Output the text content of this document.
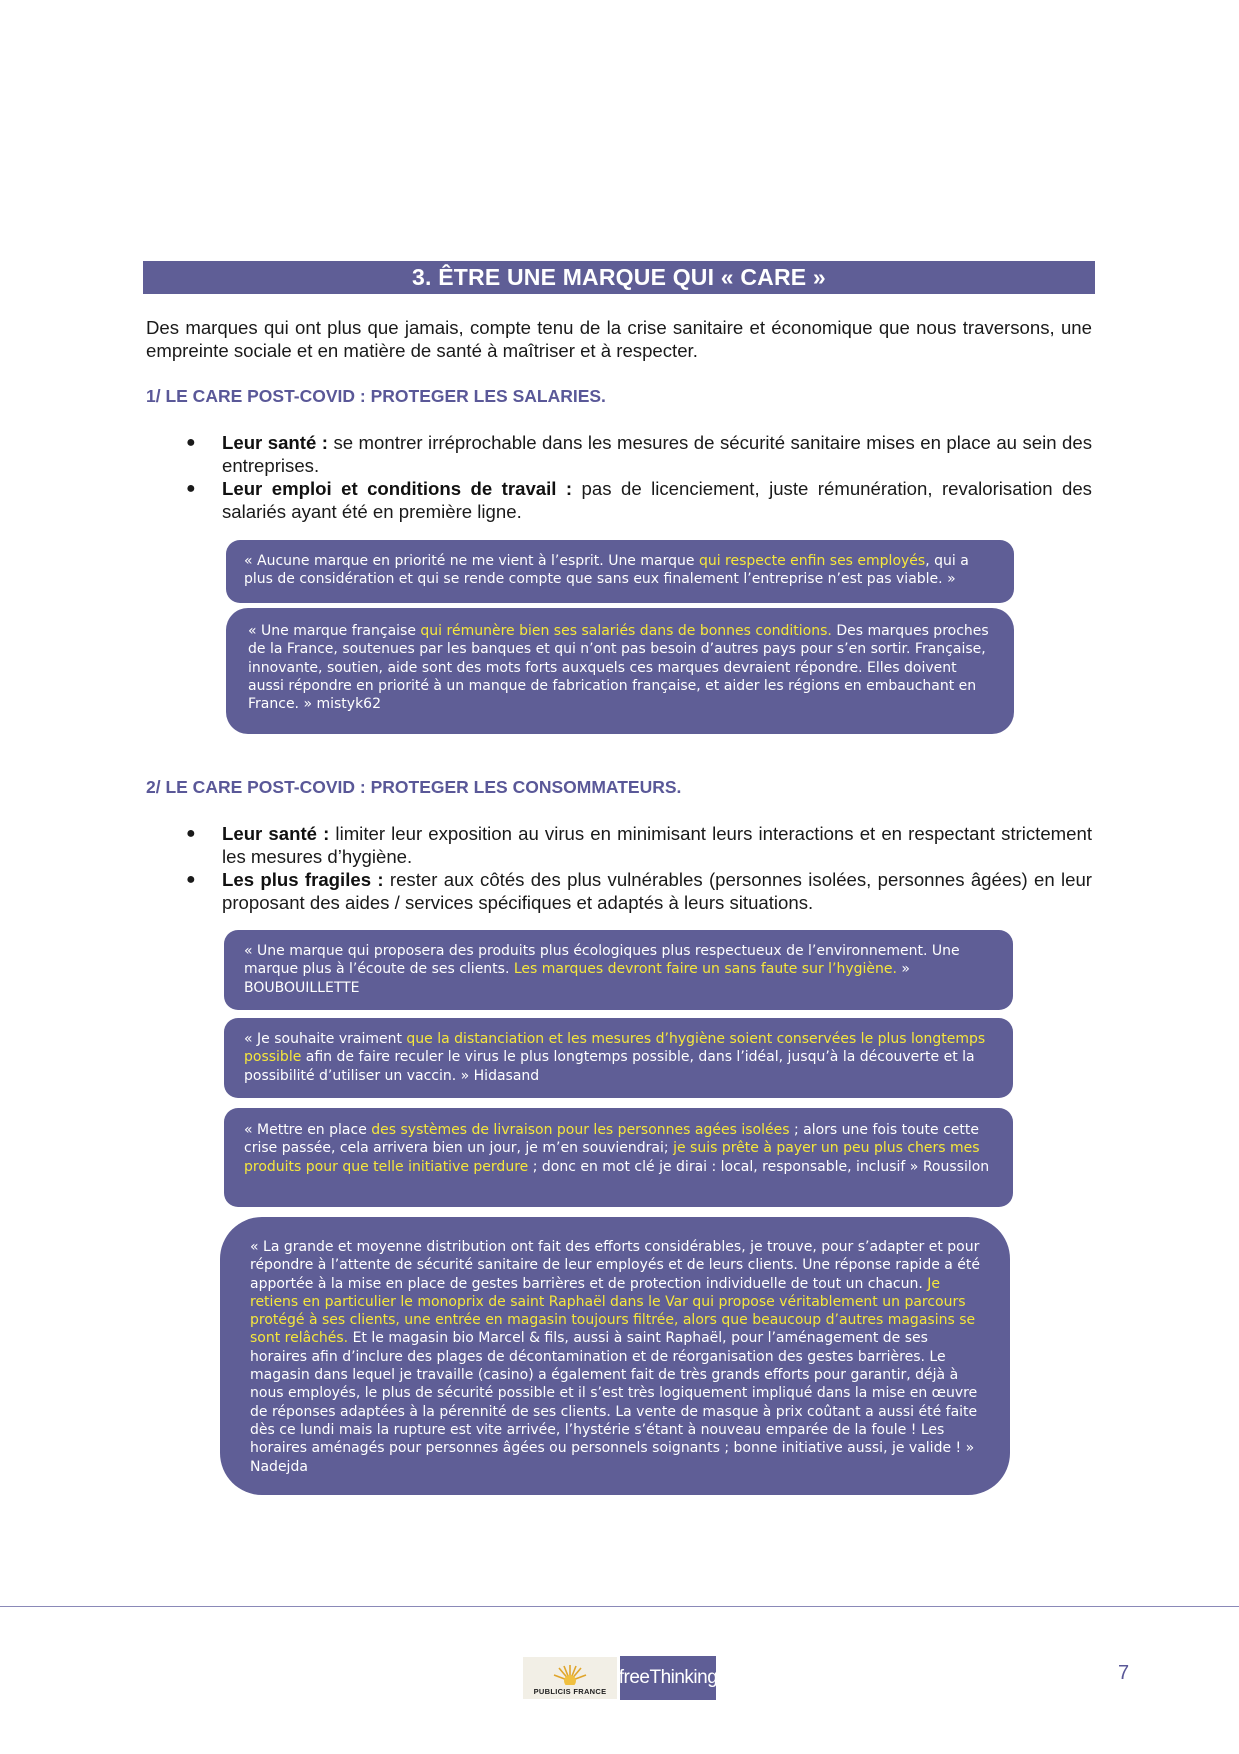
3. ÊTRE UNE MARQUE QUI « CARE »

Des marques qui ont plus que jamais, compte tenu de la crise sanitaire et économique que nous traversons, une empreinte sociale et en matière de santé à maîtriser et à respecter.

1/ LE CARE POST-COVID : PROTEGER LES SALARIES.
● Leur santé : se montrer irréprochable dans les mesures de sécurité sanitaire mises en place au sein des entreprises.
● Leur emploi et conditions de travail : pas de licenciement, juste rémunération, revalorisation des salariés ayant été en première ligne.
« Aucune marque en priorité ne me vient à l’esprit. Une marque qui respecte enfin ses employés, qui a plus de considération et qui se rende compte que sans eux finalement l’entreprise n’est pas viable. »
« Une marque française qui rémunère bien ses salariés dans de bonnes conditions. Des marques proches de la France, soutenues par les banques et qui n’ont pas besoin d’autres pays pour s’en sortir. Française, innovante, soutien, aide sont des mots forts auxquels ces marques devraient répondre. Elles doivent aussi répondre en priorité à un manque de fabrication française, et aider les régions en embauchant en France. » mistyk62
2/ LE CARE POST-COVID : PROTEGER LES CONSOMMATEURS.
● Leur santé : limiter leur exposition au virus en minimisant leurs interactions et en respectant strictement les mesures d’hygiène.
● Les plus fragiles : rester aux côtés des plus vulnérables (personnes isolées, personnes âgées) en leur proposant des aides / services spécifiques et adaptés à leurs situations.
« Une marque qui proposera des produits plus écologiques plus respectueux de l’environnement. Une marque plus à l’écoute de ses clients. Les marques devront faire un sans faute sur l’hygiène. » BOUBOUILLETTE
« Je souhaite vraiment que la distanciation et les mesures d’hygiène soient conservées le plus longtemps possible afin de faire reculer le virus le plus longtemps possible, dans l’idéal, jusqu’à la découverte et la possibilité d’utiliser un vaccin. » Hidasand
« Mettre en place des systèmes de livraison pour les personnes agées isolées ; alors une fois toute cette crise passée, cela arrivera bien un jour, je m’en souviendrai; je suis prête à payer un peu plus chers mes produits pour que telle initiative perdure ; donc en mot clé je dirai : local, responsable, inclusif » Roussilon
« La grande et moyenne distribution ont fait des efforts considérables, je trouve, pour s’adapter et pour répondre à l’attente de sécurité sanitaire de leur employés et de leurs clients. Une réponse rapide a été apportée à la mise en place de gestes barrières et de protection individuelle de tout un chacun. Je retiens en particulier le monoprix de saint Raphaël dans le Var qui propose véritablement un parcours protégé à ses clients, une entrée en magasin toujours filtrée, alors que beaucoup d’autres magasins se sont relâchés. Et le magasin bio Marcel & fils, aussi à saint Raphaël, pour l’aménagement de ses horaires afin d’inclure des plages de décontamination et de réorganisation des gestes barrières. Le magasin dans lequel je travaille (casino) a également fait de très grands efforts pour garantir, déjà à nous employés, le plus de sécurité possible et il s’est très logiquement impliqué dans la mise en œuvre de réponses adaptées à la pérennité de ses clients. La vente de masque à prix coûtant a aussi été faite dès ce lundi mais la rupture est vite arrivée, l’hystérie s’étant à nouveau emparée de la foule ! Les horaires aménagés pour personnes âgées ou personnels soignants ; bonne initiative aussi, je valide ! » Nadejda
PUBLICIS FRANCE
freeThinking	7
